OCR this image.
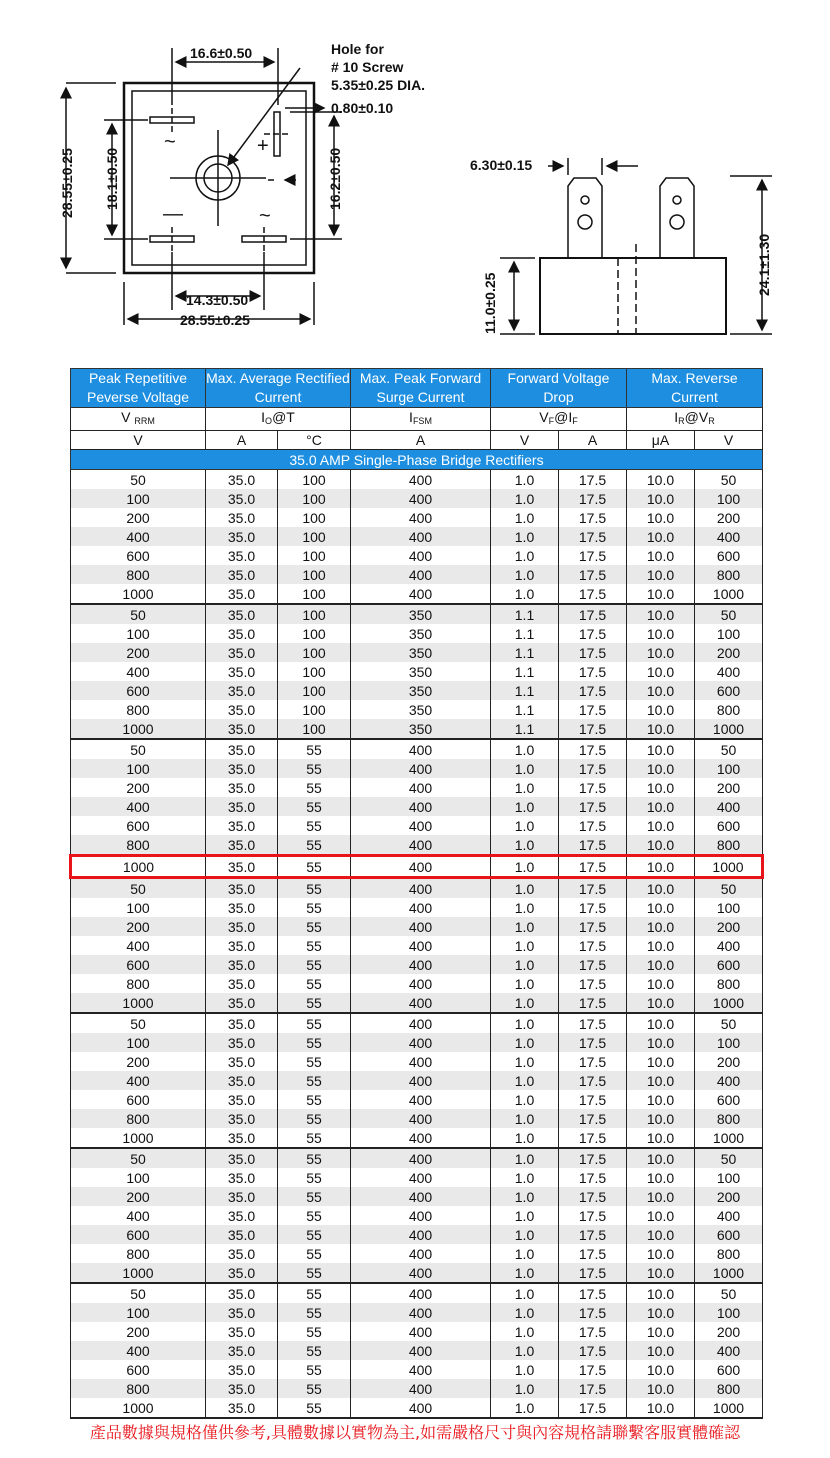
16.6±0.50	Hole for
# 10 Screw
5.35±0.25 DIA.
0.80±0.10
28.55±0.25 18.1±0.50	16.2±0.50
14.3±0.50
28.55±0.25
~	+
—	~
6.30±0.15
11.0±0.25
24.1±1.30
Peak Repetitive Peverse Voltage	Max. Average Rectified Current		Max. Peak Forward Surge Current	Forward Voltage Drop		Max. Reverse Current	
V $_{RRM}$	$I_O@T$		$I_{FSM}$	$V_F@I_F$		$I_R@V_R$
V	A	°C	A	V	A	μA	V
35.0 AMP Single-Phase Bridge Rectifiers							
50	35.0	100	400	1.0	17.5	10.0	50
100	35.0	100	400	1.0	17.5	10.0	100
200	35.0	100	400	1.0	17.5	10.0	200
400	35.0	100	400	1.0	17.5	10.0	400
600	35.0	100	400	1.0	17.5	10.0	600
800	35.0	100	400	1.0	17.5	10.0	800
1000	35.0	100	400	1.0	17.5	10.0	1000
50	35.0	100	350	1.1	17.5	10.0	50
100	35.0	100	350	1.1	17.5	10.0	100
200	35.0	100	350	1.1	17.5	10.0	200
400	35.0	100	350	1.1	17.5	10.0	400
600	35.0	100	350	1.1	17.5	10.0	600
800	35.0	100	350	1.1	17.5	10.0	800
1000	35.0	100	350	1.1	17.5	10.0	1000
50	35.0	55	400	1.0	17.5	10.0	50
100	35.0	55	400	1.0	17.5	10.0	100
200	35.0	55	400	1.0	17.5	10.0	200
400	35.0	55	400	1.0	17.5	10.0	400
600	35.0	55	400	1.0	17.5	10.0	600
800	35.0	55	400	1.0	17.5	10.0	800
1000	35.0	55	400	1.0	17.5	10.0	1000
50	35.0	55	400	1.0	17.5	10.0	50
100	35.0	55	400	1.0	17.5	10.0	100
200	35.0	55	400	1.0	17.5	10.0	200
400	35.0	55	400	1.0	17.5	10.0	400
600	35.0	55	400	1.0	17.5	10.0	600
800	35.0	55	400	1.0	17.5	10.0	800
1000	35.0	55	400	1.0	17.5	10.0	1000
50	35.0	55	400	1.0	17.5	10.0	50
100	35.0	55	400	1.0	17.5	10.0	100
200	35.0	55	400	1.0	17.5	10.0	200
400	35.0	55	400	1.0	17.5	10.0	400
600	35.0	55	400	1.0	17.5	10.0	600
800	35.0	55	400	1.0	17.5	10.0	800
1000	35.0	55	400	1.0	17.5	10.0	1000
50	35.0	55	400	1.0	17.5	10.0	50
100	35.0	55	400	1.0	17.5	10.0	100
200	35.0	55	400	1.0	17.5	10.0	200
400	35.0	55	400	1.0	17.5	10.0	400
600	35.0	55	400	1.0	17.5	10.0	600
800	35.0	55	400	1.0	17.5	10.0	800
1000	35.0	55	400	1.0	17.5	10.0	1000
50	35.0	55	400	1.0	17.5	10.0	50
100	35.0	55	400	1.0	17.5	10.0	100
200	35.0	55	400	1.0	17.5	10.0	200
400	35.0	55	400	1.0	17.5	10.0	400
600	35.0	55	400	1.0	17.5	10.0	600
800	35.0	55	400	1.0	17.5	10.0	800
1000	35.0	55	400	1.0	17.5	10.0	1000
產品數據與規格僅供參考,具體數據以實物為主,如需嚴格尺寸與內容規格請聯繫客服實體確認
